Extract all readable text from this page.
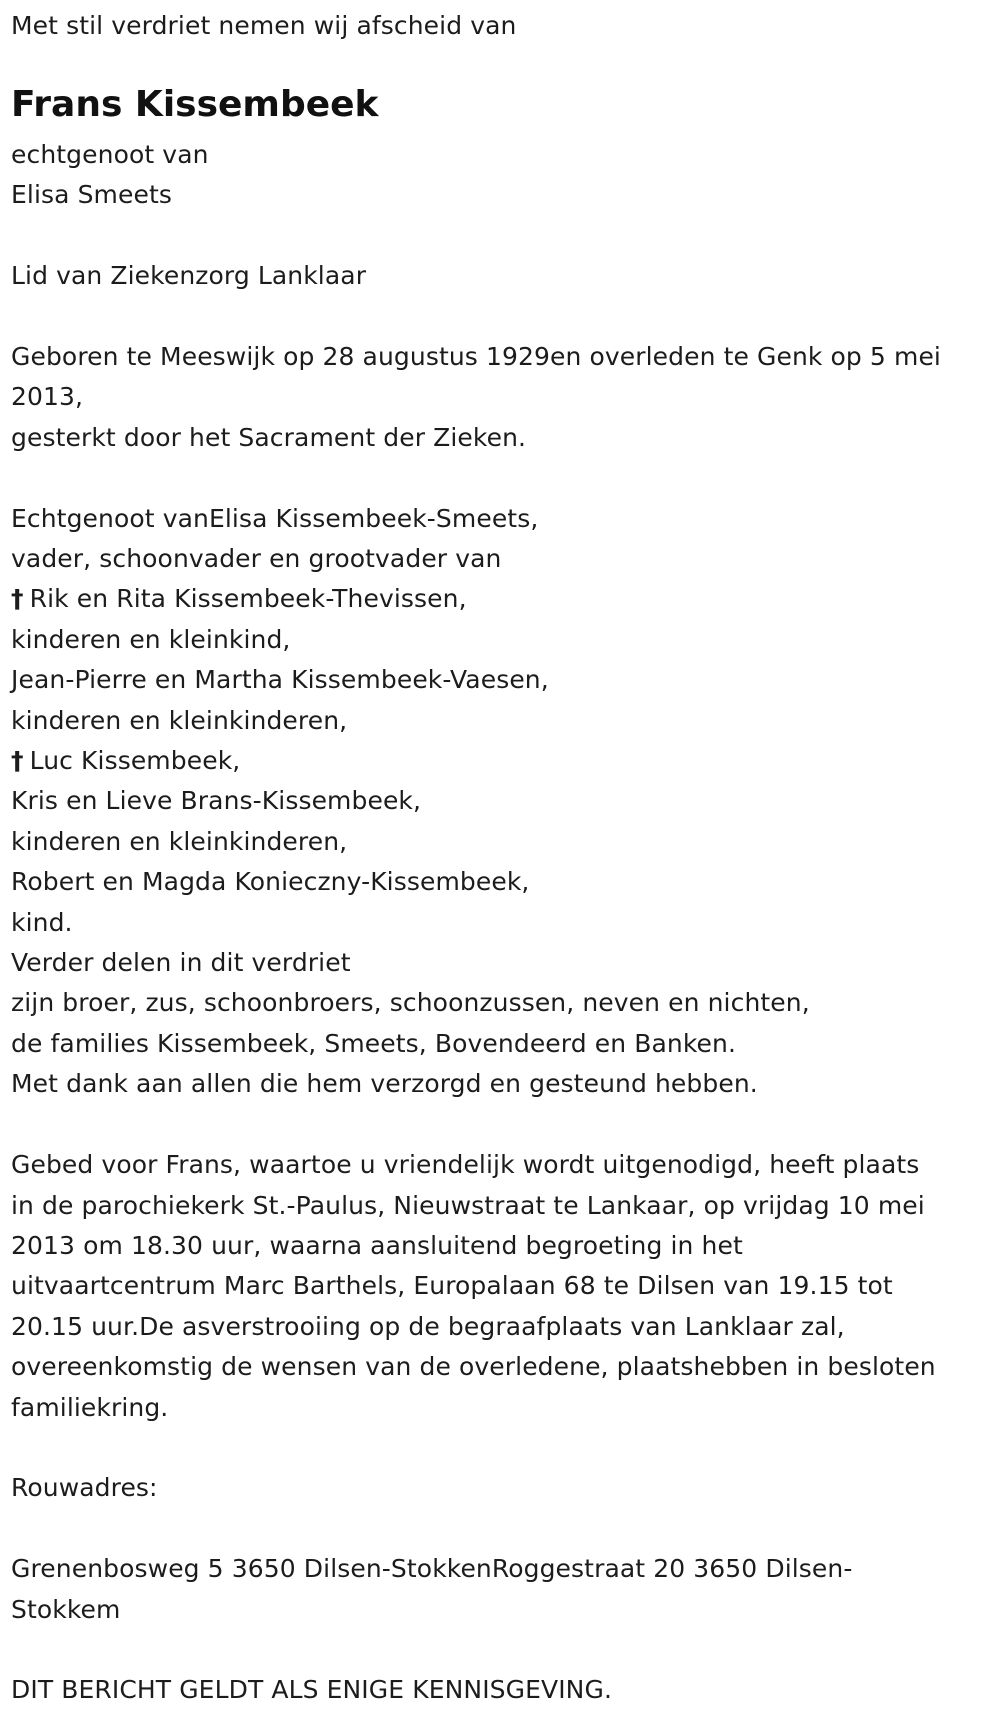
Met stil verdriet nemen wij afscheid van
Frans Kissembeek
echtgenoot van
Elisa Smeets
Lid van Ziekenzorg Lanklaar
Geboren te Meeswijk op 28 augustus 1929en overleden te Genk op 5 mei
2013,
gesterkt door het Sacrament der Zieken.
Echtgenoot vanElisa Kissembeek-Smeets,
vader, schoonvader en grootvader van
† Rik en Rita Kissembeek-Thevissen,
kinderen en kleinkind,
Jean-Pierre en Martha Kissembeek-Vaesen,
kinderen en kleinkinderen,
† Luc Kissembeek,
Kris en Lieve Brans-Kissembeek,
kinderen en kleinkinderen,
Robert en Magda Konieczny-Kissembeek,
kind.
Verder delen in dit verdriet
zijn broer, zus, schoonbroers, schoonzussen, neven en nichten,
de families Kissembeek, Smeets, Bovendeerd en Banken.
Met dank aan allen die hem verzorgd en gesteund hebben.
Gebed voor Frans, waartoe u vriendelijk wordt uitgenodigd, heeft plaats
in de parochiekerk St.-Paulus, Nieuwstraat te Lankaar, op vrijdag 10 mei
2013 om 18.30 uur, waarna aansluitend begroeting in het
uitvaartcentrum Marc Barthels, Europalaan 68 te Dilsen van 19.15 tot
20.15 uur.De asverstrooiing op de begraafplaats van Lanklaar zal,
overeenkomstig de wensen van de overledene, plaatshebben in besloten
familiekring.
Rouwadres:
Grenenbosweg 5 3650 Dilsen-StokkenRoggestraat 20 3650 Dilsen-
Stokkem
DIT BERICHT GELDT ALS ENIGE KENNISGEVING.
